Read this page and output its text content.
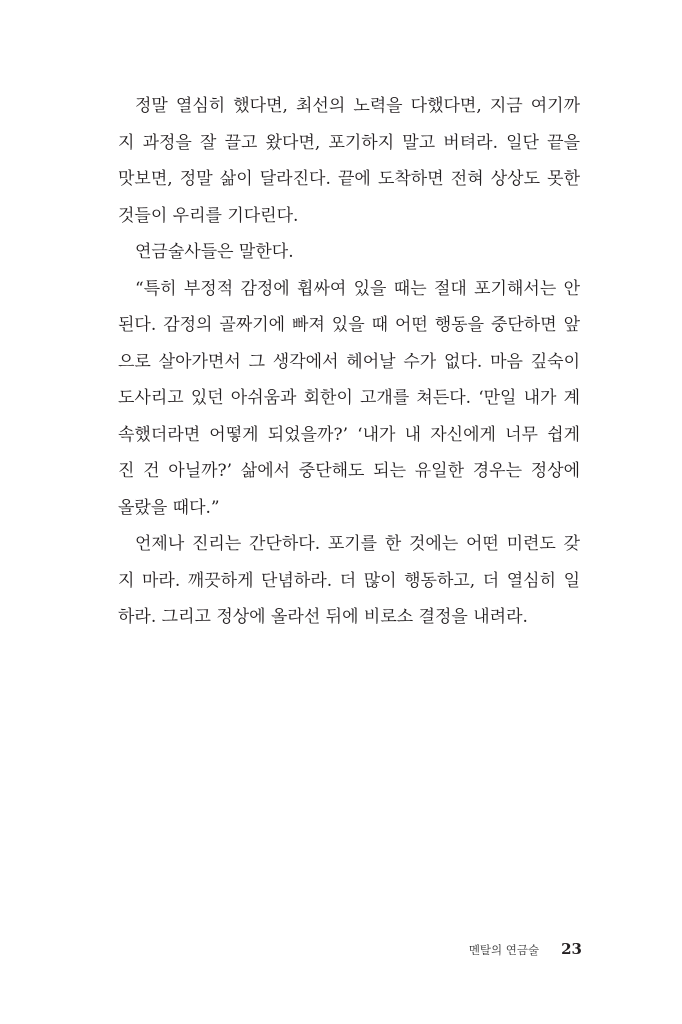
정말 열심히 했다면, 최선의 노력을 다했다면, 지금 여기까
지 과정을 잘 끌고 왔다면, 포기하지 말고 버텨라. 일단 끝을
맛보면, 정말 삶이 달라진다. 끝에 도착하면 전혀 상상도 못한
것들이 우리를 기다린다.
연금술사들은 말한다.
“특히 부정적 감정에 휩싸여 있을 때는 절대 포기해서는 안
된다. 감정의 골짜기에 빠져 있을 때 어떤 행동을 중단하면 앞
으로 살아가면서 그 생각에서 헤어날 수가 없다. 마음 깊숙이
도사리고 있던 아쉬움과 회한이 고개를 쳐든다. ‘만일 내가 계
속했더라면 어떻게 되었을까?’ ‘내가 내 자신에게 너무 쉽게
진 건 아닐까?’ 삶에서 중단해도 되는 유일한 경우는 정상에
올랐을 때다.”
언제나 진리는 간단하다. 포기를 한 것에는 어떤 미련도 갖
지 마라. 깨끗하게 단념하라. 더 많이 행동하고, 더 열심히 일
하라. 그리고 정상에 올라선 뒤에 비로소 결정을 내려라.
멘탈의 연금술 23
